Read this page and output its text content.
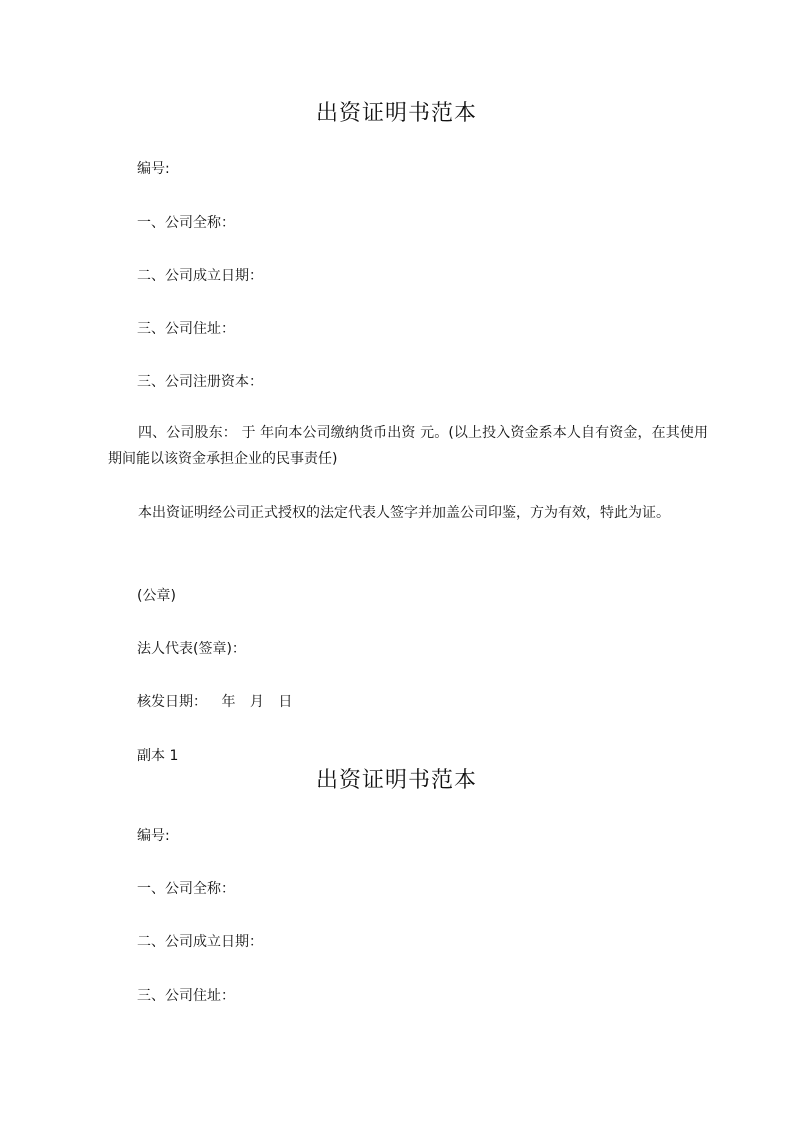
出资证明书范本
编号:
一、公司全称：
二、公司成立日期：
三、公司住址：
三、公司注册资本：
四、公司股东： 于 年向本公司缴纳货币出资 元。(以上投入资金系本人自有资金，在其使用期间能以该资金承担企业的民事责任)
本出资证明经公司正式授权的法定代表人签字并加盖公司印鉴，方为有效，特此为证。
(公章)
法人代表(签章)：
核发日期： 年 月 日
副本 1
出资证明书范本
编号:
一、公司全称：
二、公司成立日期：
三、公司住址：
